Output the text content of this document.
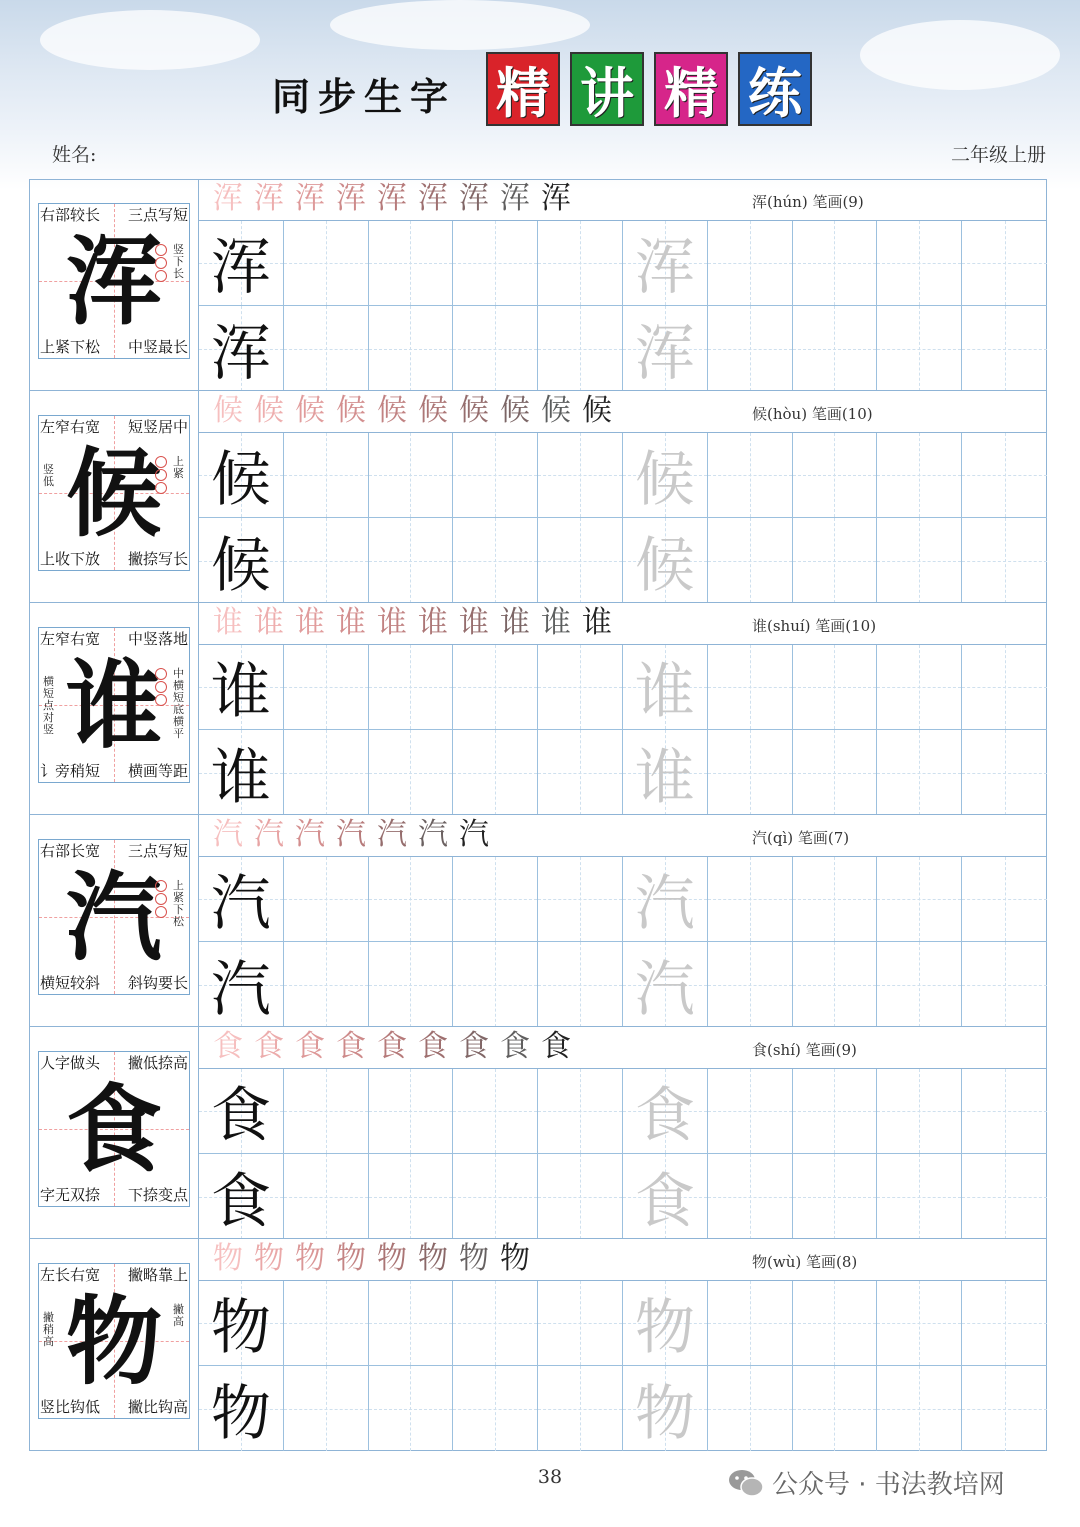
同步生字 精 讲 精 练
姓名:	二年级上册
右部较长 三点写短
上紧下松 中竖最长
浑	竖下长
浑 浑 浑 浑 浑 浑 浑 浑 浑	浑(hún) 笔画(9)
浑	浑
浑	浑
左窄右宽 短竖居中
上收下放 撇捺写长
候	上紧
竖低
候 候 候 候 候 候 候 候 候 候	候(hòu) 笔画(10)
候	候
候	候
左窄右宽 中竖落地
讠旁稍短 横画等距
谁	中横短底横平
横短点对竖
谁 谁 谁 谁 谁 谁 谁 谁 谁 谁	谁(shuí) 笔画(10)
谁	谁
谁	谁
右部长宽 三点写短
横短较斜 斜钩要长
汽	上紧下松
汽 汽 汽 汽 汽 汽 汽	汽(qì) 笔画(7)
汽	汽
汽	汽
人字做头 撇低捺高
字无双捺 下捺变点
食
食 食 食 食 食 食 食 食 食	食(shí) 笔画(9)
食	食
食	食
左长右宽 撇略靠上
竖比钩低 撇比钩高
物	撇高
撇稍高
物 物 物 物 物 物 物 物	物(wù) 笔画(8)
物	物
物	物
38	公众号 · 书法教培网
